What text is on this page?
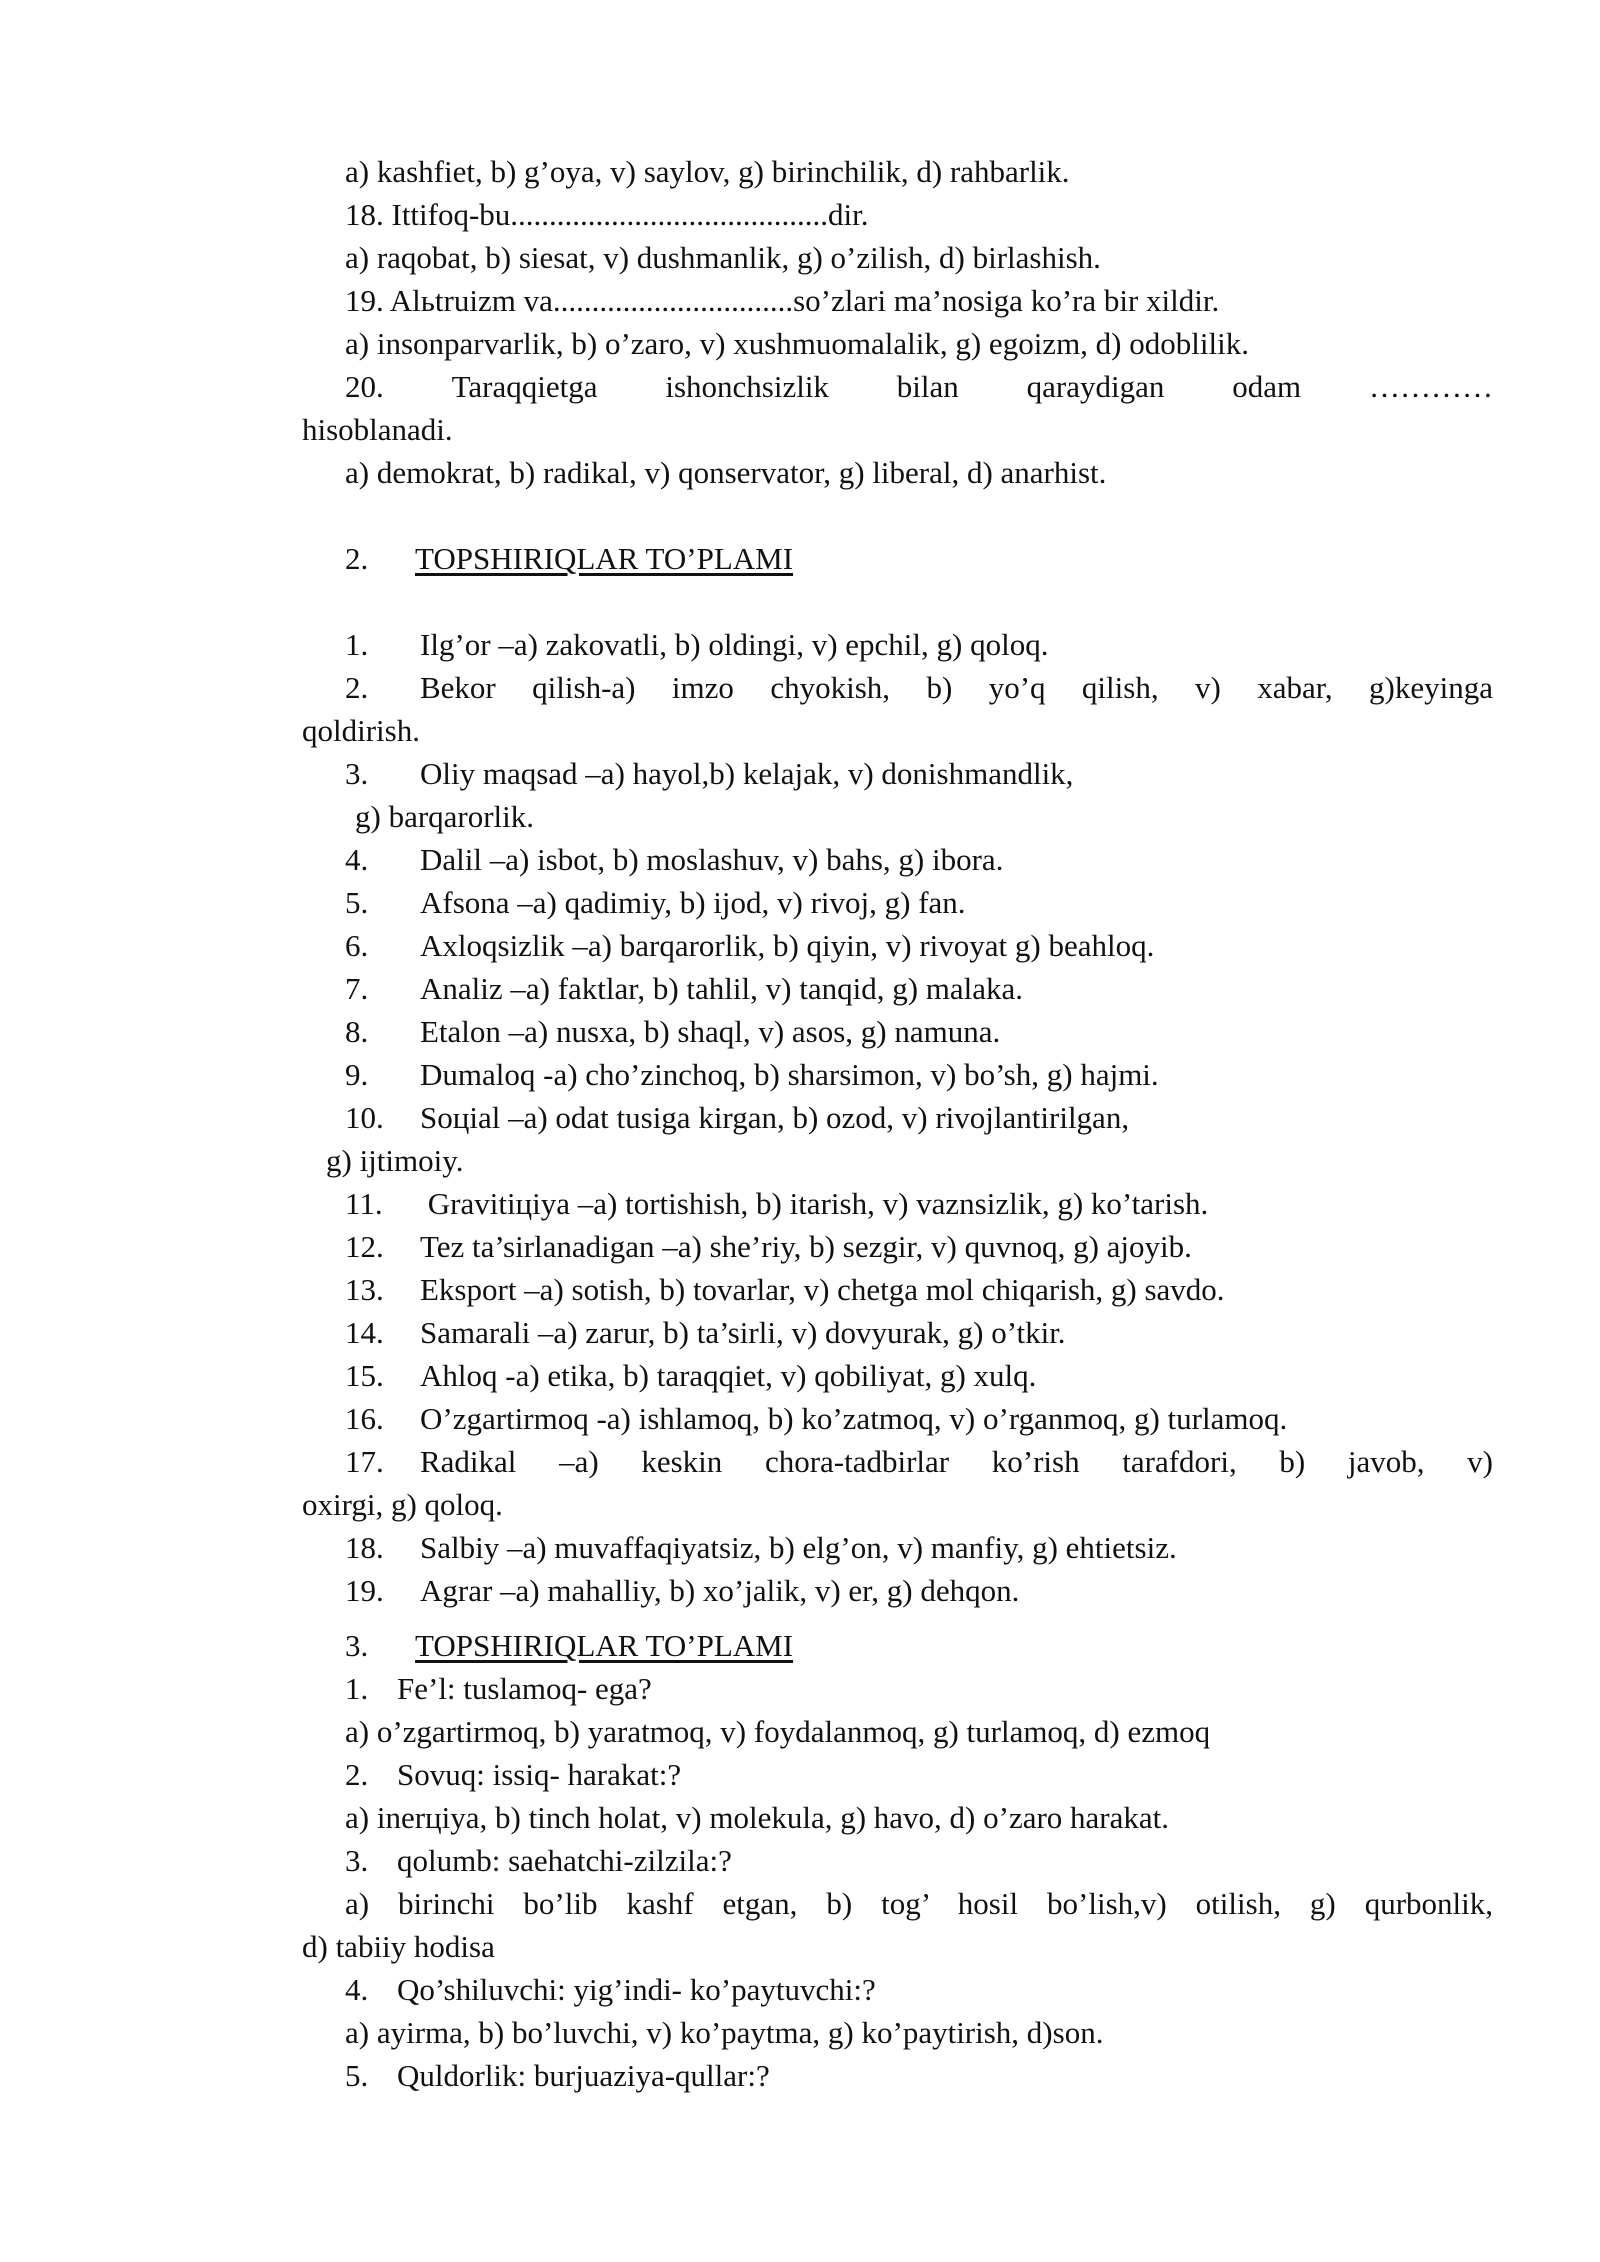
a) kashfiet, b) g’oya, v) saylov, g) birinchilik, d) rahbarlik.
18. Ittifoq-bu.........................................dir.
a) raqobat, b) siesat, v) dushmanlik, g) o’zilish, d) birlashish.
19. Alьtruizm va...............................so’zlari ma’nosiga ko’ra bir xildir.
a) insonparvarlik, b) o’zaro, v) xushmuomalalik, g) egoizm, d) odoblilik.
20. Taraqqietga ishonchsizlik bilan qaraydigan odam …………
hisoblanadi.
a) demokrat, b) radikal, v) qonservator, g) liberal, d) anarhist.
2. TOPSHIRIQLAR TO’PLAMI
1. Ilg’or –a) zakovatli, b) oldingi, v) epchil, g) qoloq.
2. Bekor qilish-a) imzo chyokish, b) yo’q qilish, v) xabar, g)keyinga
qoldirish.
3. Oliy maqsad –a) hayol,b) kelajak, v) donishmandlik,
g) barqarorlik.
4. Dalil –a) isbot, b) moslashuv, v) bahs, g) ibora.
5. Afsona –a) qadimiy, b) ijod, v) rivoj, g) fan.
6. Axloqsizlik –a) barqarorlik, b) qiyin, v) rivoyat g) beahloq.
7. Analiz –a) faktlar, b) tahlil, v) tanqid, g) malaka.
8. Etalon –a) nusxa, b) shaql, v) asos, g) namuna.
9. Dumaloq -a) cho’zinchoq, b) sharsimon, v) bo’sh, g) hajmi.
10. Soцial –a) odat tusiga kirgan, b) ozod, v) rivojlantirilgan,
g) ijtimoiy.
11. Gravitiцiya –a) tortishish, b) itarish, v) vaznsizlik, g) ko’tarish.
12. Tez ta’sirlanadigan –a) she’riy, b) sezgir, v) quvnoq, g) ajoyib.
13. Eksport –a) sotish, b) tovarlar, v) chetga mol chiqarish, g) savdo.
14. Samarali –a) zarur, b) ta’sirli, v) dovyurak, g) o’tkir.
15. Ahloq -a) etika, b) taraqqiet, v) qobiliyat, g) xulq.
16. O’zgartirmoq -a) ishlamoq, b) ko’zatmoq, v) o’rganmoq, g) turlamoq.
17. Radikal –a) keskin chora-tadbirlar ko’rish tarafdori, b) javob, v)
oxirgi, g) qoloq.
18. Salbiy –a) muvaffaqiyatsiz, b) elg’on, v) manfiy, g) ehtietsiz.
19. Agrar –a) mahalliy, b) xo’jalik, v) er, g) dehqon.
3. TOPSHIRIQLAR TO’PLAMI
1. Fe’l: tuslamoq- ega?
a) o’zgartirmoq, b) yaratmoq, v) foydalanmoq, g) turlamoq, d) ezmoq
2. Sovuq: issiq- harakat:?
a) inerцiya, b) tinch holat, v) molekula, g) havo, d) o’zaro harakat.
3. qolumb: saehatchi-zilzila:?
a) birinchi bo’lib kashf etgan, b) tog’ hosil bo’lish,v) otilish, g) qurbonlik,
d) tabiiy hodisa
4. Qo’shiluvchi: yig’indi- ko’paytuvchi:?
a) ayirma, b) bo’luvchi, v) ko’paytma, g) ko’paytirish, d)son.
5. Quldorlik: burjuaziya-qullar:?
